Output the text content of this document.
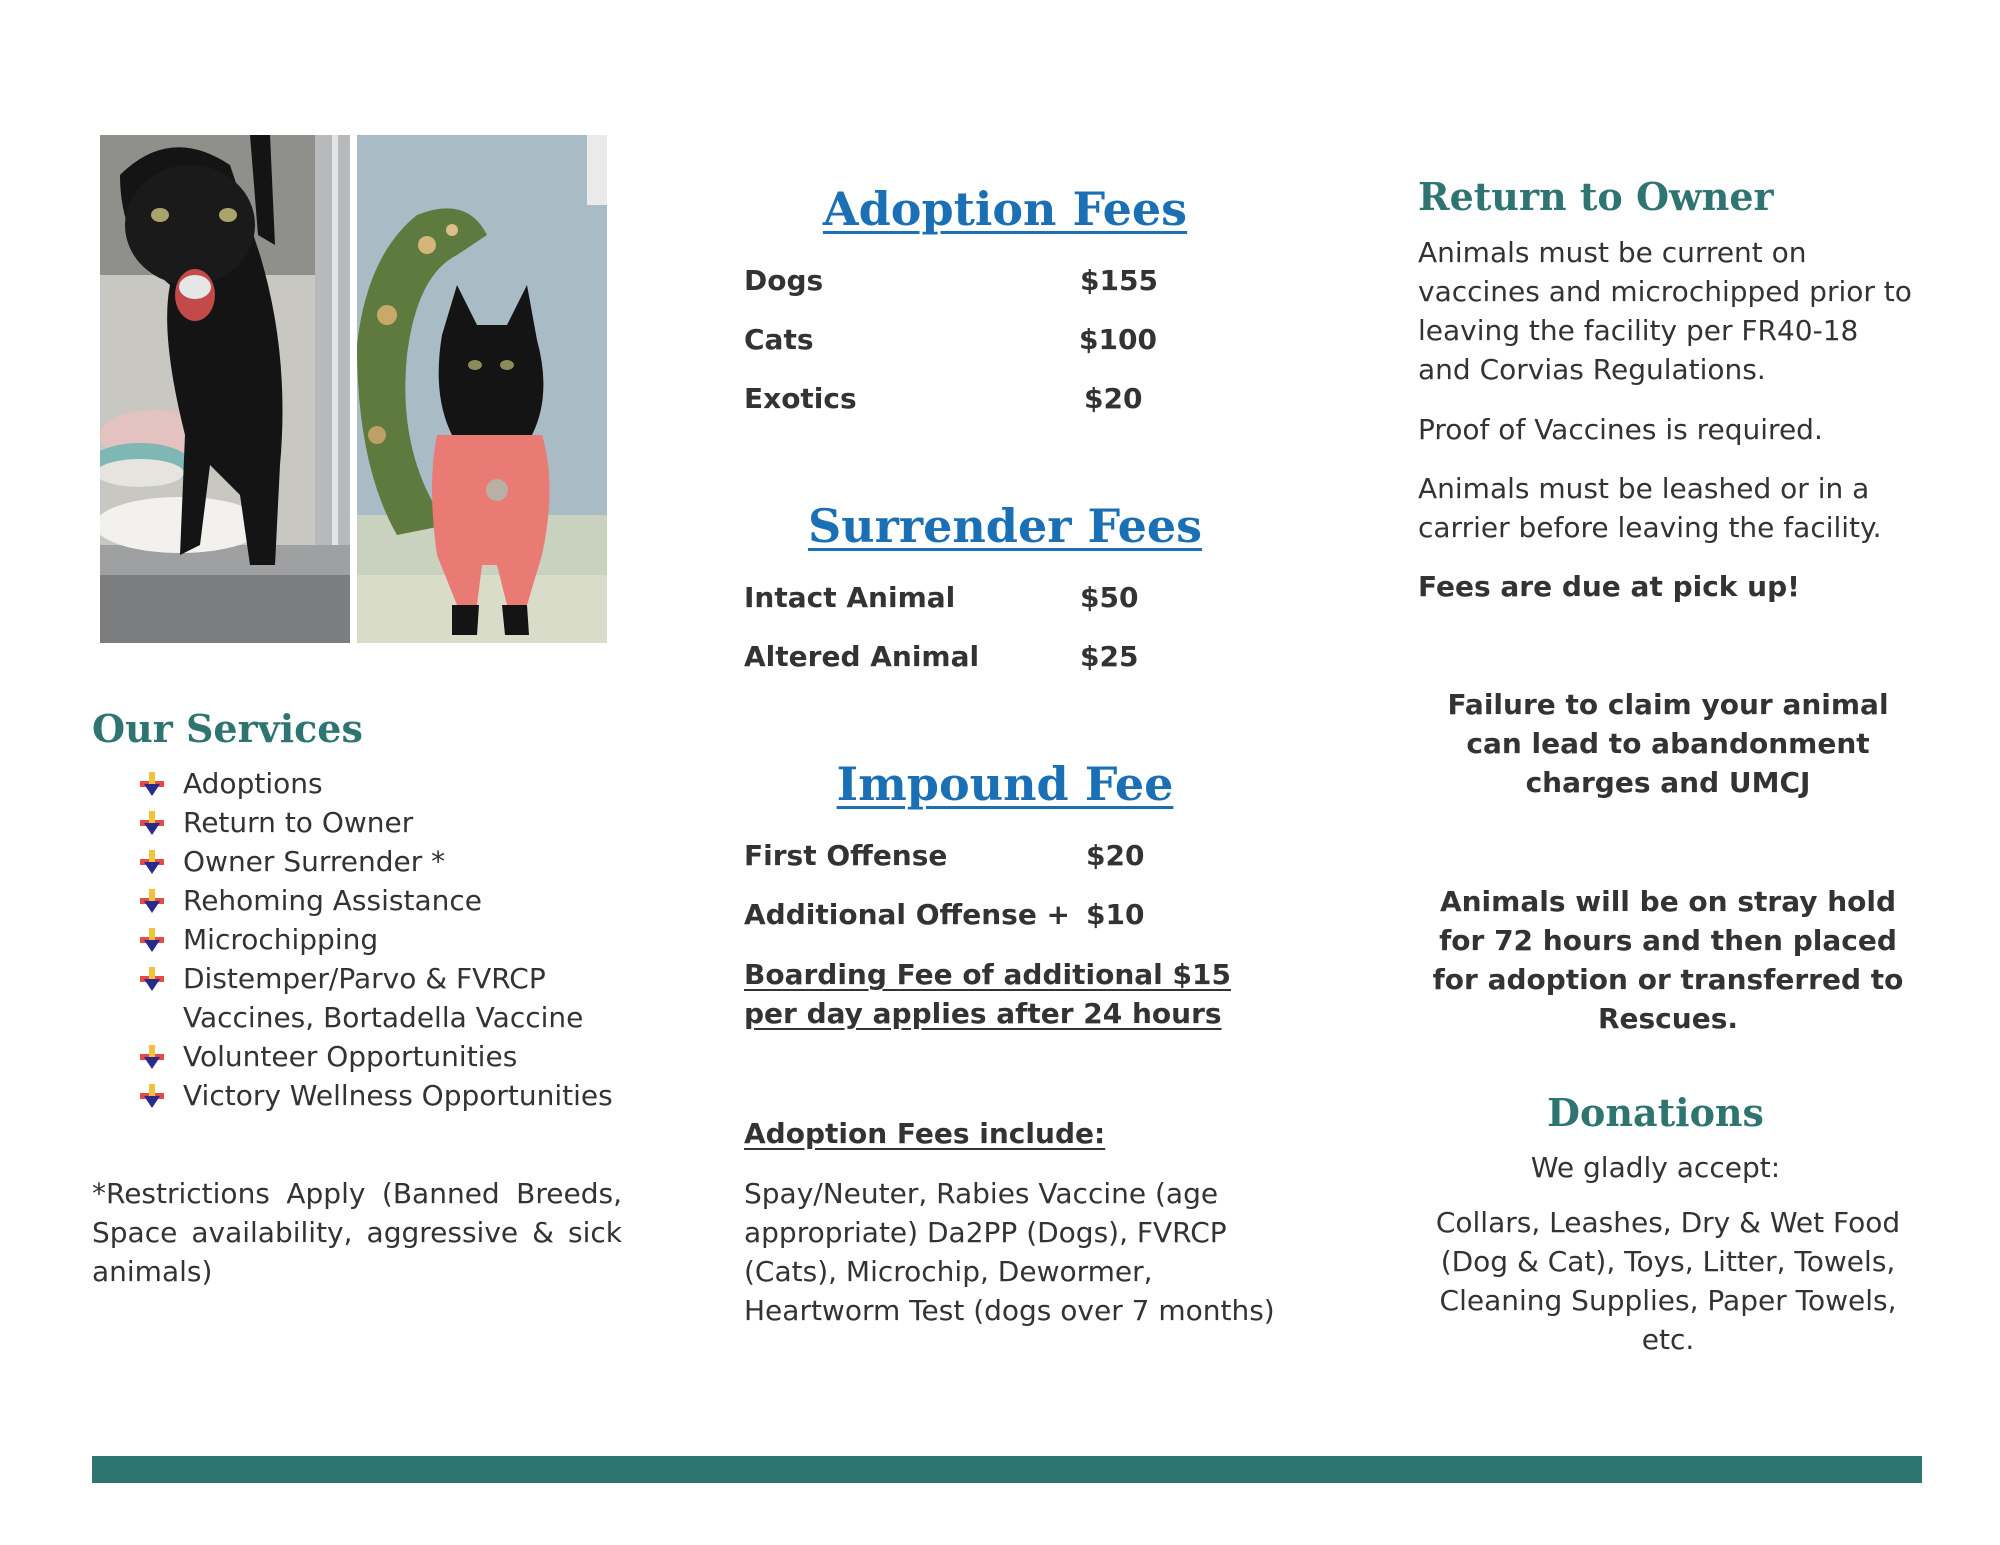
Our Services
Adoptions
Return to Owner
Owner Surrender *
Rehoming Assistance
Microchipping
Distemper/Parvo & FVRCP Vaccines, Bortadella Vaccine
Volunteer Opportunities
Victory Wellness Opportunities
*Restrictions Apply (Banned Breeds, Space availability, aggressive & sick animals)
Adoption Fees
Dogs	$155
Cats	$100
Exotics	$20
Surrender Fees
Intact Animal	$50
Altered Animal	$25
Impound Fee
First Offense	$20
Additional Offense + $10
Boarding Fee of additional $15
per day applies after 24 hours
Adoption Fees include:
Spay/Neuter, Rabies Vaccine (age appropriate) Da2PP (Dogs), FVRCP (Cats), Microchip, Dewormer, Heartworm Test (dogs over 7 months)
Return to Owner
Animals must be current on vaccines and microchipped prior to leaving the facility per FR40-18 and Corvias Regulations.
Proof of Vaccines is required.
Animals must be leashed or in a carrier before leaving the facility.
Fees are due at pick up!
Failure to claim your animal can lead to abandonment charges and UMCJ
Animals will be on stray hold for 72 hours and then placed for adoption or transferred to Rescues.
Donations
We gladly accept:
Collars, Leashes, Dry & Wet Food (Dog & Cat), Toys, Litter, Towels, Cleaning Supplies, Paper Towels, etc.
